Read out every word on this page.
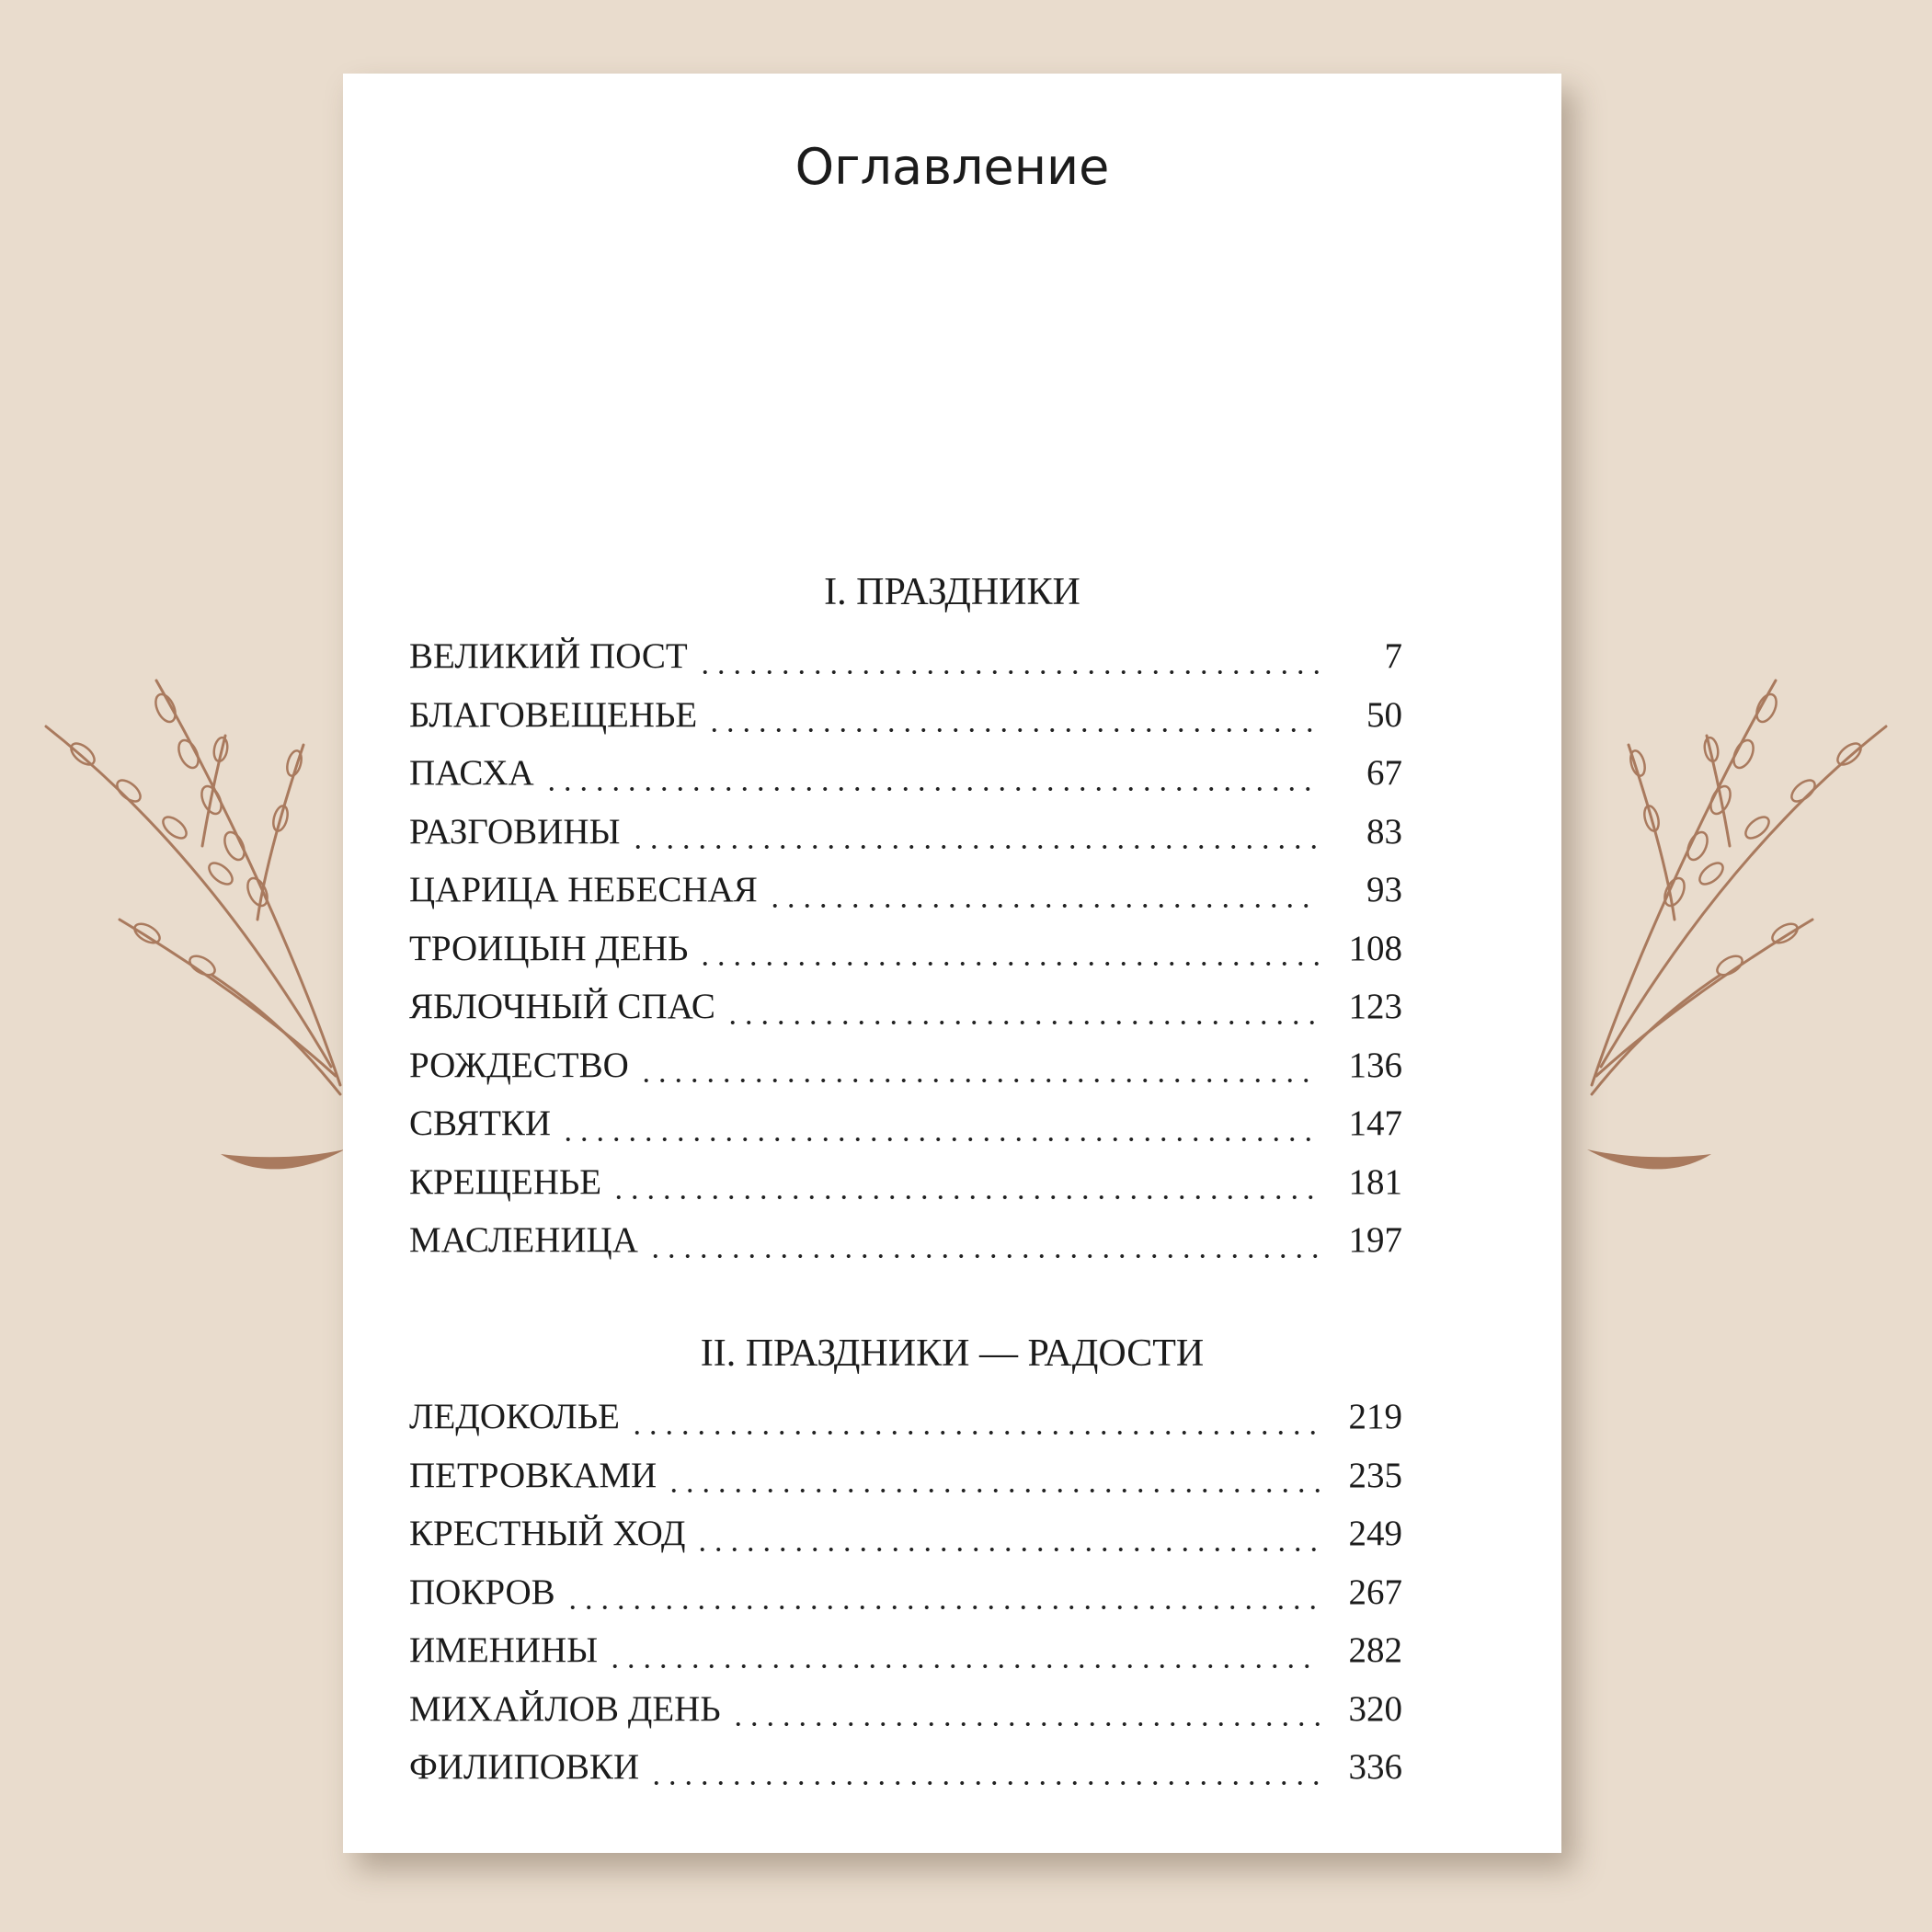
Оглавление
I. ПРАЗДНИКИ
ВЕЛИКИЙ ПОСТ	7
БЛАГОВЕЩЕНЬЕ	50
ПАСХА	67
РАЗГОВИНЫ	83
ЦАРИЦА НЕБЕСНАЯ	93
ТРОИЦЫН ДЕНЬ	108
ЯБЛОЧНЫЙ СПАС	123
РОЖДЕСТВО	136
СВЯТКИ	147
КРЕЩЕНЬЕ	181
МАСЛЕНИЦА	197
II. ПРАЗДНИКИ — РАДОСТИ
ЛЕДОКОЛЬЕ	219
ПЕТРОВКАМИ	235
КРЕСТНЫЙ ХОД	249
ПОКРОВ	267
ИМЕНИНЫ	282
МИХАЙЛОВ ДЕНЬ	320
ФИЛИПОВКИ	336
